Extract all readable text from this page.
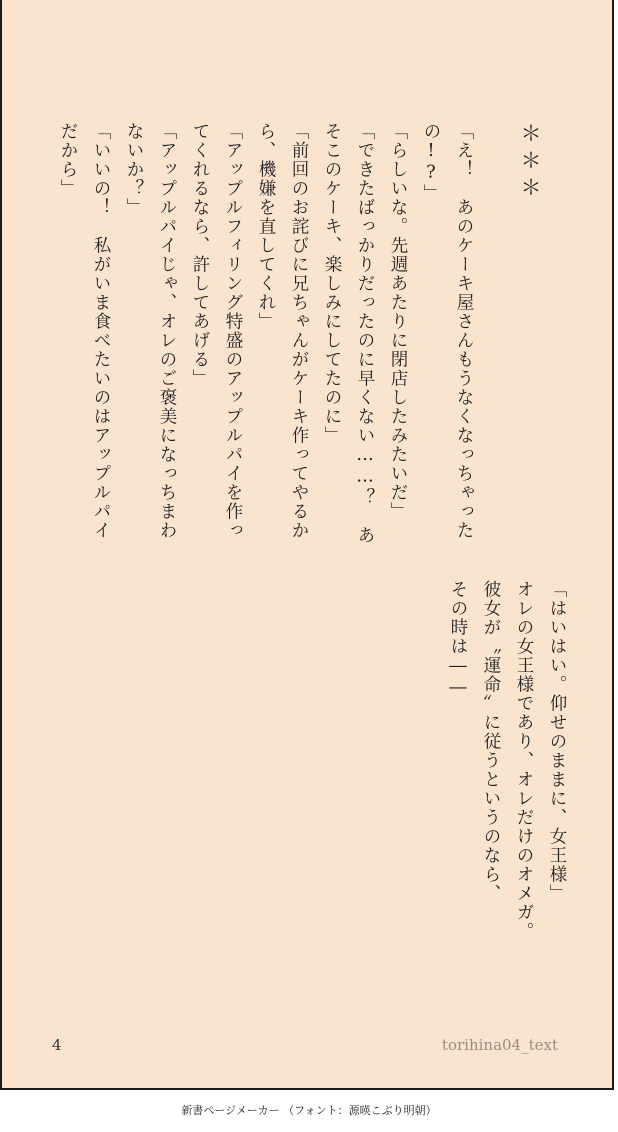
＊＊＊

「え！　あのケーキ屋さんもうなくなっちゃった

の!?」

「らしいな。先週あたりに閉店したみたいだ」

「できたばっかりだったのに早くない……？　あ

そこのケーキ、楽しみにしてたのに」

「前回のお詫びに兄ちゃんがケーキ作ってやるか

ら、機嫌を直してくれ」

「アップルフィリング特盛のアップルパイを作っ

てくれるなら、許してあげる」

「アップルパイじゃ、オレのご褒美になっちまわ

ないか？」

「いいの！　私がいま食べたいのはアップルパイ

だから」

「はいはい。仰せのままに、女王様」

オレの女王様であり、オレだけのオメガ。

彼女が〝運命〟に従うというのなら、

その時は――

4	torihina04_text

新書ページメーカー （フォント：源暎こぶり明朝）
